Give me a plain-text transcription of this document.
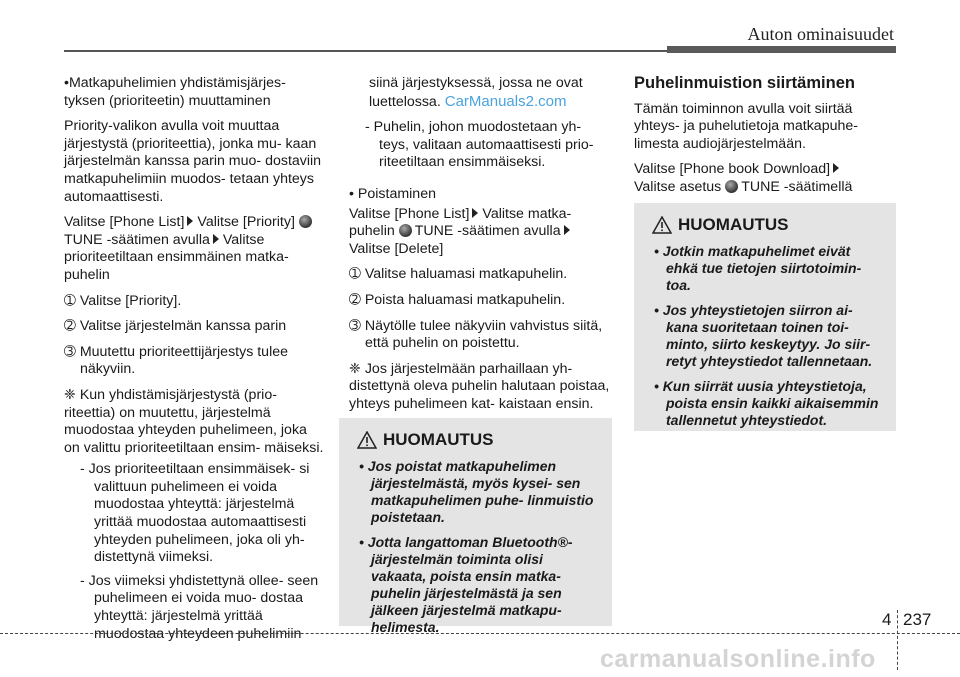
Auton ominaisuudet

•Matkapuhelimien yhdistämisjärjes- tyksen (prioriteetin) muuttaminen

Priority-valikon avulla voit muuttaa järjestystä (prioriteettia), jonka mu- kaan järjestelmän kanssa parin muo- dostaviin matkapuhelimiin muodos- tetaan yhteys automaattisesti.

Valitse [Phone List] Valitse [Priority] TUNE -säätimen avulla Valitse prioriteetiltaan ensimmäinen matka- puhelin

➀ Valitse [Priority].

➁ Valitse järjestelmän kanssa parin

➂ Muutettu prioriteettijärjestys tulee näkyviin.

❈ Kun yhdistämisjärjestystä (prio- riteettia) on muutettu, järjestelmä muodostaa yhteyden puhelimeen, joka on valittu prioriteetiltaan ensim- mäiseksi.

- Jos prioriteetiltaan ensimmäisek- si valittuun puhelimeen ei voida muodostaa yhteyttä: järjestelmä yrittää muodostaa automaattisesti yhteyden puhelimeen, joka oli yh- distettynä viimeksi.

- Jos viimeksi yhdistettynä ollee- seen puhelimeen ei voida muo- dostaa yhteyttä: järjestelmä yrittää muodostaa yhteydeen puhelimiin

siinä järjestyksessä, jossa ne ovat luettelossa. CarManuals2.com

- Puhelin, johon muodostetaan yh- teys, valitaan automaattisesti prio- riteetiltaan ensimmäiseksi.

• Poistaminen

Valitse [Phone List] Valitse matka- puhelin TUNE -säätimen avullaValitse [Delete]

➀ Valitse haluamasi matkapuhelin.

➁ Poista haluamasi matkapuhelin.

➂ Näytölle tulee näkyviin vahvistus siitä, että puhelin on poistettu.

❈ Jos järjestelmään parhaillaan yh- distettynä oleva puhelin halutaan poistaa, yhteys puhelimeen kat- kaistaan ensin.

HUOMAUTUS
• Jos poistat matkapuhelimen järjestelmästä, myös kysei- sen matkapuhelimen puhe- linmuistio poistetaan.
• Jotta langattoman Bluetooth®- järjestelmän toiminta olisi vakaata, poista ensin matka- puhelin järjestelmästä ja sen jälkeen järjestelmä matkapu- helimesta.

Puhelinmuistion siirtäminen

Tämän toiminnon avulla voit siirtää yhteys- ja puhelutietoja matkapuhe- limesta audiojärjestelmään.

Valitse [Phone book Download]
Valitse asetus TUNE -säätimellä

HUOMAUTUS
• Jotkin matkapuhelimet eivät ehkä tue tietojen siirtotoimin- toa.
• Jos yhteystietojen siirron ai- kana suoritetaan toinen toi- minto, siirto keskeytyy. Jo siir- retyt yhteystiedot tallennetaan.
• Kun siirrät uusia yhteystietoja, poista ensin kaikki aikaisemmin tallennetut yhteystiedot.
4 237
carmanualsonline.info
